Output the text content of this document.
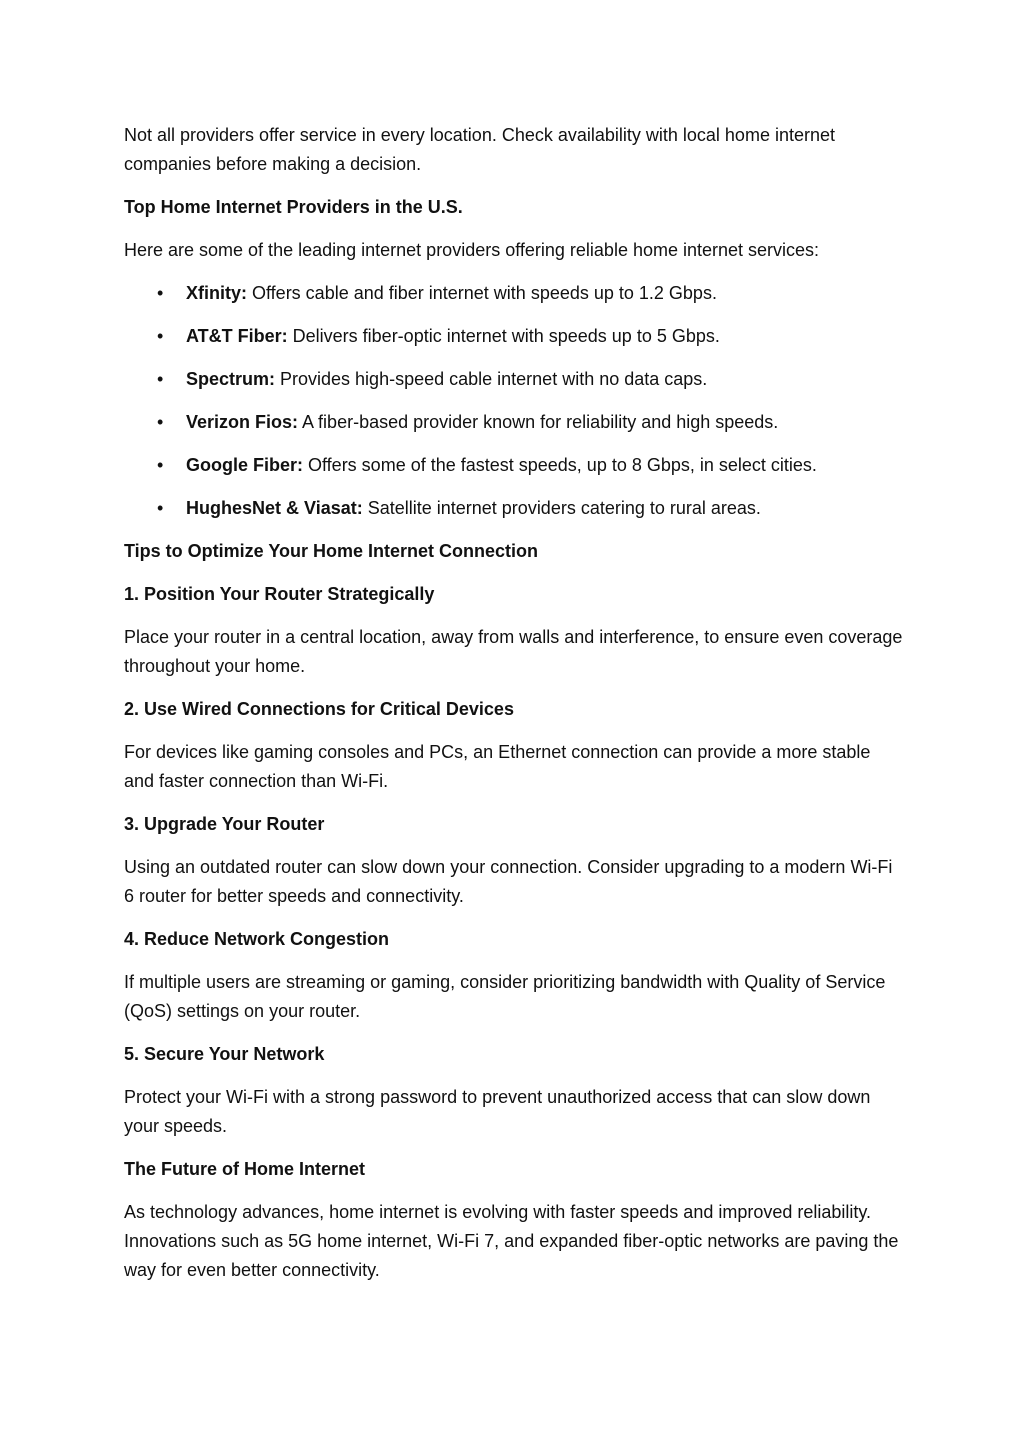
Not all providers offer service in every location. Check availability with local home internet companies before making a decision.

Top Home Internet Providers in the U.S.

Here are some of the leading internet providers offering reliable home internet services:

• Xfinity: Offers cable and fiber internet with speeds up to 1.2 Gbps.
• AT&T Fiber: Delivers fiber-optic internet with speeds up to 5 Gbps.
• Spectrum: Provides high-speed cable internet with no data caps.
• Verizon Fios: A fiber-based provider known for reliability and high speeds.
• Google Fiber: Offers some of the fastest speeds, up to 8 Gbps, in select cities.
• HughesNet & Viasat: Satellite internet providers catering to rural areas.

Tips to Optimize Your Home Internet Connection

1. Position Your Router Strategically

Place your router in a central location, away from walls and interference, to ensure even coverage throughout your home.

2. Use Wired Connections for Critical Devices

For devices like gaming consoles and PCs, an Ethernet connection can provide a more stable and faster connection than Wi-Fi.

3. Upgrade Your Router

Using an outdated router can slow down your connection. Consider upgrading to a modern Wi-Fi 6 router for better speeds and connectivity.

4. Reduce Network Congestion

If multiple users are streaming or gaming, consider prioritizing bandwidth with Quality of Service (QoS) settings on your router.

5. Secure Your Network

Protect your Wi-Fi with a strong password to prevent unauthorized access that can slow down your speeds.

The Future of Home Internet

As technology advances, home internet is evolving with faster speeds and improved reliability. Innovations such as 5G home internet, Wi-Fi 7, and expanded fiber-optic networks are paving the way for even better connectivity.
